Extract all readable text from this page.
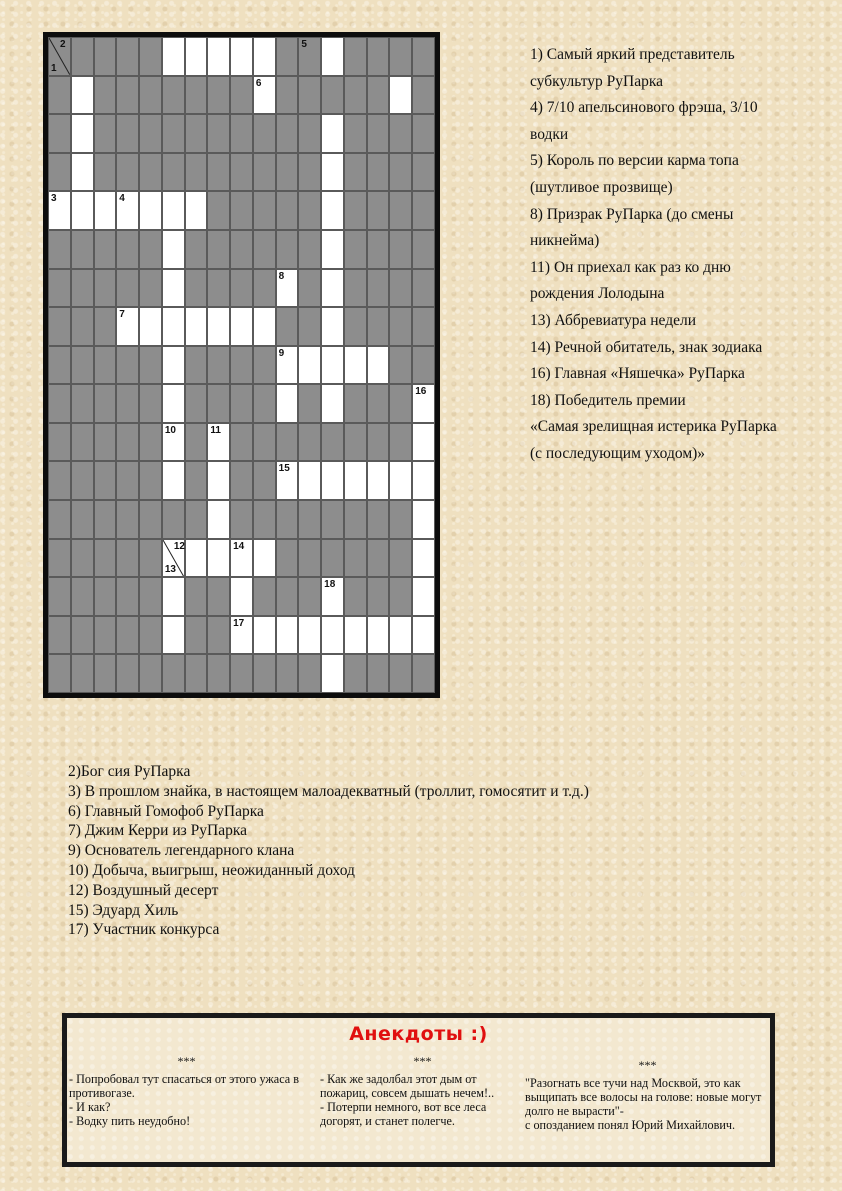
2
1
5
6
3	4
8
7
9
16
10	11
15
12
13
14
18
17
1) Самый яркий представитель
субкультур РуПарка
4) 7/10 апельсинового фрэша, 3/10
водки
5) Король по версии карма топа
(шутливое прозвище)
8) Призрак РуПарка (до смены
никнейма)
11) Он приехал как раз ко дню
рождения Лолодына
13) Аббревиатура недели
14) Речной обитатель, знак зодиака
16) Главная «Няшечка» РуПарка
18) Победитель премии
«Самая зрелищная истерика РуПарка
(с последующим уходом)»
2)Бог сия РуПарка
3) В прошлом знайка, в настоящем малоадекватный (троллит, гомосятит и т.д.)
6) Главный Гомофоб РуПарка
7) Джим Керри из РуПарка
9) Основатель легендарного клана
10) Добыча, выигрыш, неожиданный доход
12) Воздушный десерт
15) Эдуард Хиль
17) Участник конкурса
Анекдоты :)
***

- Попробовал тут спасаться от этого ужаса в противогазе.

- И как?

- Водку пить неудобно!

***

- Как же задолбал этот дым от пожариц, совсем дышать нечем!..

- Потерпи немного, вот все леса догорят, и станет полегче.

***

"Разогнать все тучи над Москвой, это как выщипать все волосы на голове: новые могут долго не вырасти"-

с опозданием понял Юрий Михайлович.
